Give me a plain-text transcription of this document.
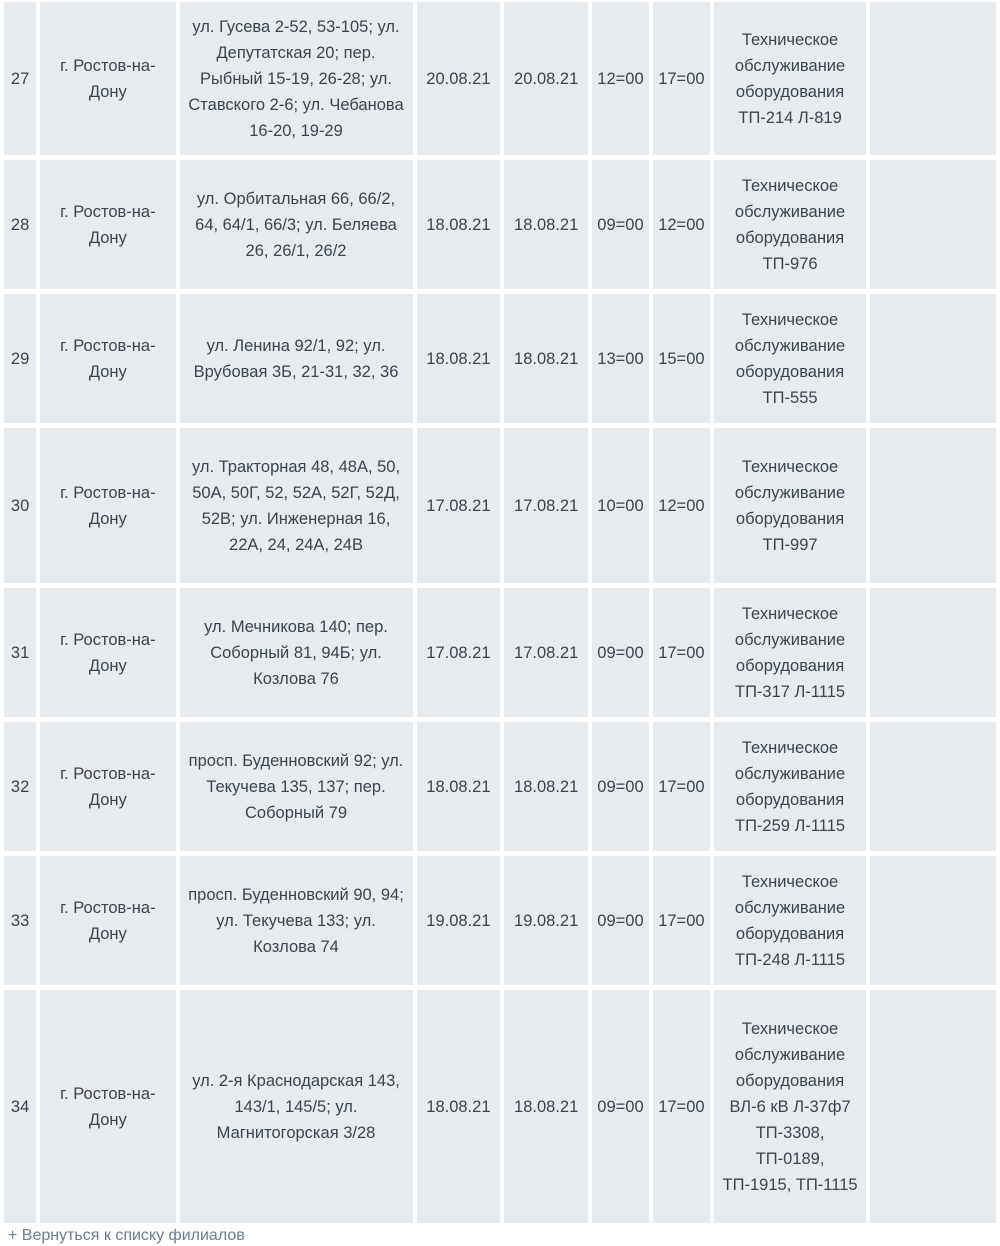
27	г. Ростов-на-Дону	ул. Гусева 2-52, 53-105; ул. Депутатская 20; пер. Рыбный 15-19, 26-28; ул. Ставского 2-6; ул. Чебанова 16-20, 19-29	20.08.21	20.08.21	12=00	17=00	Техническое обслуживание оборудования ТП-214 Л-819	
28	г. Ростов-на-Дону	ул. Орбитальная 66, 66/2, 64, 64/1, 66/3; ул. Беляева 26, 26/1, 26/2	18.08.21	18.08.21	09=00	12=00	Техническое обслуживание оборудования ТП-976	
29	г. Ростов-на-Дону	ул. Ленина 92/1, 92; ул. Врубовая 3Б, 21-31, 32, 36	18.08.21	18.08.21	13=00	15=00	Техническое обслуживание оборудования ТП-555	
30	г. Ростов-на-Дону	ул. Тракторная 48, 48А, 50, 50А, 50Г, 52, 52А, 52Г, 52Д, 52В; ул. Инженерная 16, 22А, 24, 24А, 24В	17.08.21	17.08.21	10=00	12=00	Техническое обслуживание оборудования ТП-997	
31	г. Ростов-на-Дону	ул. Мечникова 140; пер. Соборный 81, 94Б; ул. Козлова 76	17.08.21	17.08.21	09=00	17=00	Техническое обслуживание оборудования ТП-317 Л-1115	
32	г. Ростов-на-Дону	просп. Буденновский 92; ул. Текучева 135, 137; пер. Соборный 79	18.08.21	18.08.21	09=00	17=00	Техническое обслуживание оборудования ТП-259 Л-1115	
33	г. Ростов-на-Дону	просп. Буденновский 90, 94; ул. Текучева 133; ул. Козлова 74	19.08.21	19.08.21	09=00	17=00	Техническое обслуживание оборудования ТП-248 Л-1115	
34	г. Ростов-на-Дону	ул. 2-я Краснодарская 143, 143/1, 145/5; ул. Магнитогорская 3/28	18.08.21	18.08.21	09=00	17=00	Техническое обслуживание оборудования ВЛ-6 кВ Л-37ф7 ТП-3308, ТП-0189, ТП-1915, ТП-1115	
+ Вернуться к списку филиалов
